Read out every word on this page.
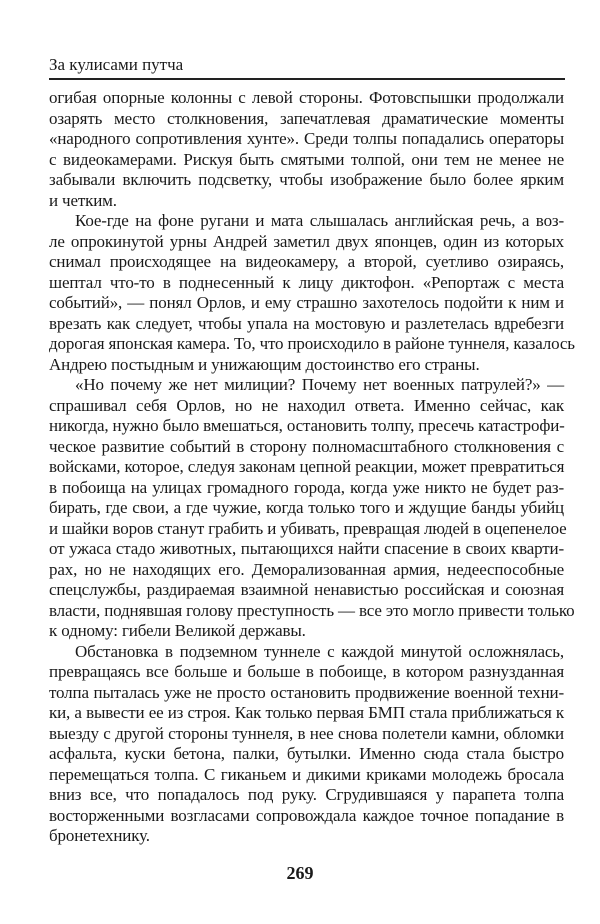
За кулисами путча
огибая опорные колонны с левой стороны. Фотовспышки продолжали
озарять место столкновения, запечатлевая драматические моменты
«народного сопротивления хунте». Среди толпы попадались операторы
с видеокамерами. Рискуя быть смятыми толпой, они тем не менее не
забывали включить подсветку, чтобы изображение было более ярким
и четким.
Кое-где на фоне ругани и мата слышалась английская речь, а воз-
ле опрокинутой урны Андрей заметил двух японцев, один из которых
снимал происходящее на видеокамеру, а второй, суетливо озираясь,
шептал что-то в поднесенный к лицу диктофон. «Репортаж с места
событий», — понял Орлов, и ему страшно захотелось подойти к ним и
врезать как следует, чтобы упала на мостовую и разлетелась вдребезги
дорогая японская камера. То, что происходило в районе туннеля, казалось
Андрею постыдным и унижающим достоинство его страны.
«Но почему же нет милиции? Почему нет военных патрулей?» —
спрашивал себя Орлов, но не находил ответа. Именно сейчас, как
никогда, нужно было вмешаться, остановить толпу, пресечь катастрофи-
ческое развитие событий в сторону полномасштабного столкновения с
войсками, которое, следуя законам цепной реакции, может превратиться
в побоища на улицах громадного города, когда уже никто не будет раз-
бирать, где свои, а где чужие, когда только того и ждущие банды убийц
и шайки воров станут грабить и убивать, превращая людей в оцепенелое
от ужаса стадо животных, пытающихся найти спасение в своих кварти-
рах, но не находящих его. Деморализованная армия, недееспособные
спецслужбы, раздираемая взаимной ненавистью российская и союзная
власти, поднявшая голову преступность — все это могло привести только
к одному: гибели Великой державы.
Обстановка в подземном туннеле с каждой минутой осложнялась,
превращаясь все больше и больше в побоище, в котором разнузданная
толпа пыталась уже не просто остановить продвижение военной техни-
ки, а вывести ее из строя. Как только первая БМП стала приближаться к
выезду с другой стороны туннеля, в нее снова полетели камни, обломки
асфальта, куски бетона, палки, бутылки. Именно сюда стала быстро
перемещаться толпа. С гиканьем и дикими криками молодежь бросала
вниз все, что попадалось под руку. Сгрудившаяся у парапета толпа
восторженными возгласами сопровождала каждое точное попадание в
бронетехнику.
269
